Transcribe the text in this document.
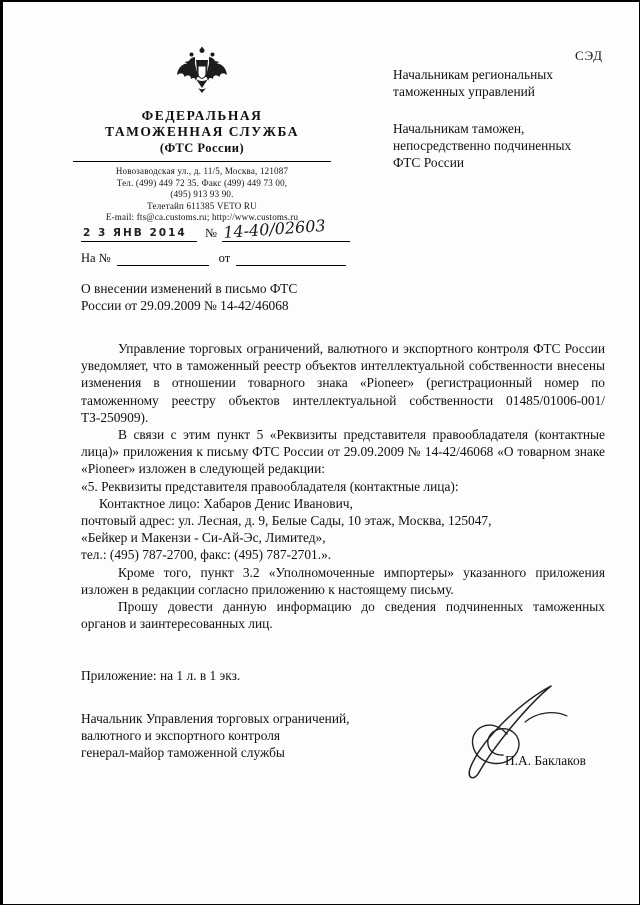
СЭД
ФЕДЕРАЛЬНАЯ
ТАМОЖЕННАЯ СЛУЖБА
(ФТС России)
Новозаводская ул., д. 11/5, Москва, 121087
Тел. (499) 449 72 35. Факс (499) 449 73 00,
(495) 913 93 90.
Телетайп 611385 VETO RU
E-mail: fts@ca.customs.ru; http://www.customs.ru
Начальникам региональных
таможенных управлений
Начальникам таможен,
непосредственно подчиненных
ФТС России
2 3 ЯНВ 2014 № 14-40/02603
На №	от
О внесении изменений в письмо ФТС
России от 29.09.2009 № 14-42/46068

Управление торговых ограничений, валютного и экспортного контроля ФТС России уведомляет, что в таможенный реестр объектов интеллектуальной собственности внесены изменения в отношении товарного знака «Pioneer» (регистрационный номер по таможенному реестру объектов интеллектуальной собственности 01485/01006-001/ТЗ-250909).

В связи с этим пункт 5 «Реквизиты представителя правообладателя (контактные лица)» приложения к письму ФТС России от 29.09.2009 № 14-42/46068 «О товарном знаке «Pioneer» изложен в следующей редакции:

«5. Реквизиты представителя правообладателя (контактные лица):

Контактное лицо: Хабаров Денис Иванович,

почтовый адрес: ул. Лесная, д. 9, Белые Сады, 10 этаж, Москва, 125047,

«Бейкер и Макензи - Си-Ай-Эс, Лимитед»,

тел.: (495) 787-2700, факс: (495) 787-2701.».

Кроме того, пункт 3.2 «Уполномоченные импортеры» указанного приложения изложен в редакции согласно приложению к настоящему письму.

Прошу довести данную информацию до сведения подчиненных таможенных органов и заинтересованных лиц.

Приложение: на 1 л. в 1 экз.
Начальник Управления торговых ограничений,
валютного и экспортного контроля
генерал-майор таможенной службы
П.А. Баклаков
